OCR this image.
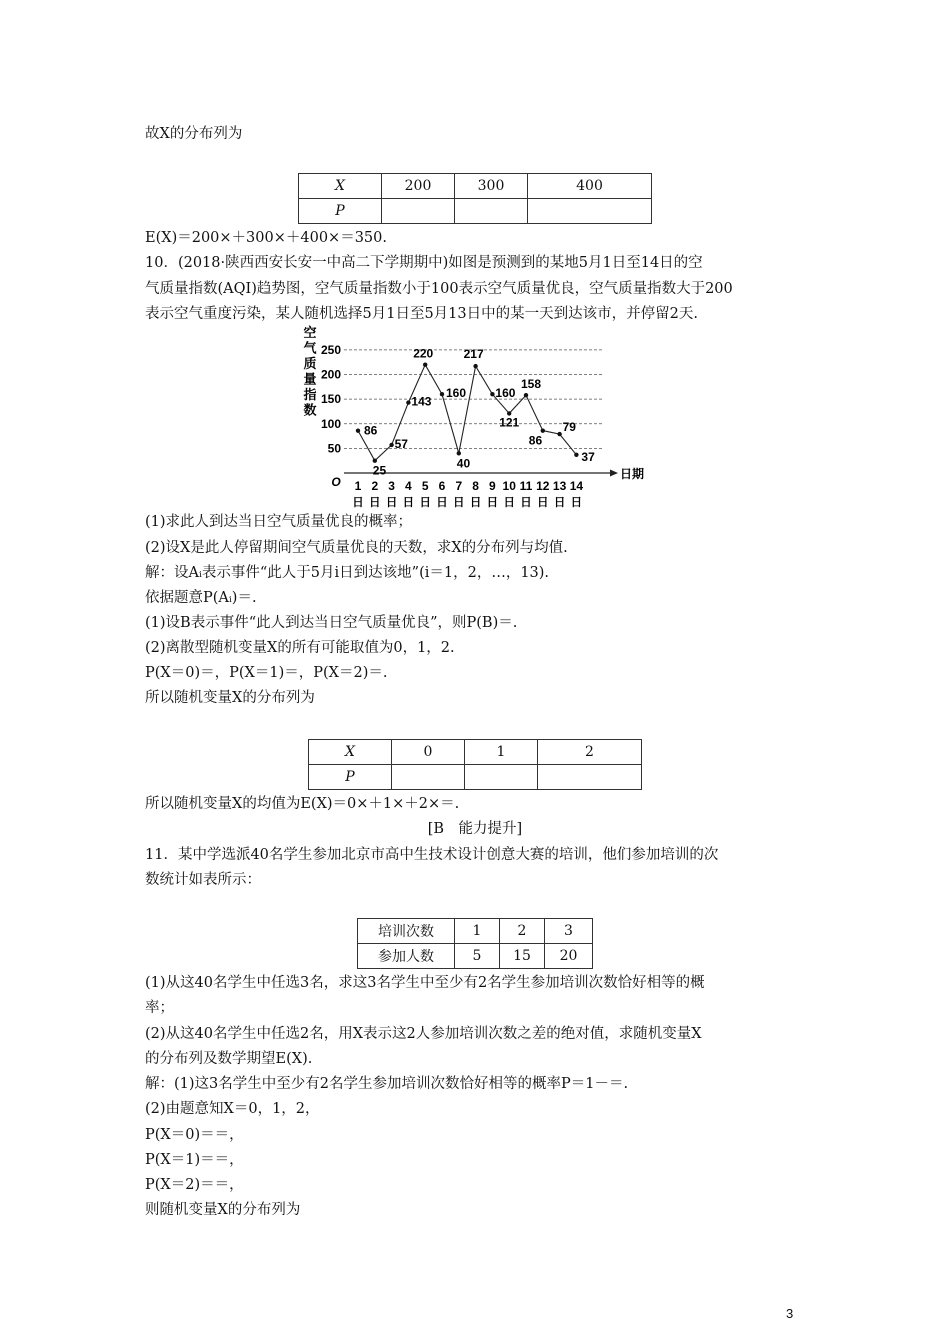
故X的分布列为
X	200	300	400
P			
E(X)＝200×＋300×＋400×＝350.
10．(2018·陕西西安长安一中高二下学期期中)如图是预测到的某地5月1日至14日的空
气质量指数(AQI)趋势图，空气质量指数小于100表示空气质量优良，空气质量指数大于200
表示空气重度污染，某人随机选择5月1日至5月13日中的某一天到达该市，并停留2天.
空
气
质
量
指
数
50
100
150
200
250
O
日期
86
25
57
143
220
160
40
217
160
121
158
86
79
37
1
日
2
日
3
日
4
日
5
日
6
日
7
日
8
日
9
日
10
日
11
日
12
日
13
日
14
日
(1)求此人到达当日空气质量优良的概率；
(2)设X是此人停留期间空气质量优良的天数，求X的分布列与均值.
解：设Aᵢ表示事件“此人于5月i日到达该地”(i＝1，2，…，13).
依据题意P(Aᵢ)＝.
(1)设B表示事件“此人到达当日空气质量优良”，则P(B)＝.
(2)离散型随机变量X的所有可能取值为0，1，2.
P(X＝0)＝，P(X＝1)＝，P(X＝2)＝.
所以随机变量X的分布列为
X	0	1	2
P			
所以随机变量X的均值为E(X)＝0×＋1×＋2×＝.
[B　能力提升]
11．某中学选派40名学生参加北京市高中生技术设计创意大赛的培训，他们参加培训的次
数统计如表所示：
培训次数	1	2	3
参加人数	5	15	20
(1)从这40名学生中任选3名，求这3名学生中至少有2名学生参加培训次数恰好相等的概
率；
(2)从这40名学生中任选2名，用X表示这2人参加培训次数之差的绝对值，求随机变量X
的分布列及数学期望E(X).
解：(1)这3名学生中至少有2名学生参加培训次数恰好相等的概率P＝1－＝.
(2)由题意知X＝0，1，2，
P(X＝0)＝＝，
P(X＝1)＝＝，
P(X＝2)＝＝，
则随机变量X的分布列为
3
